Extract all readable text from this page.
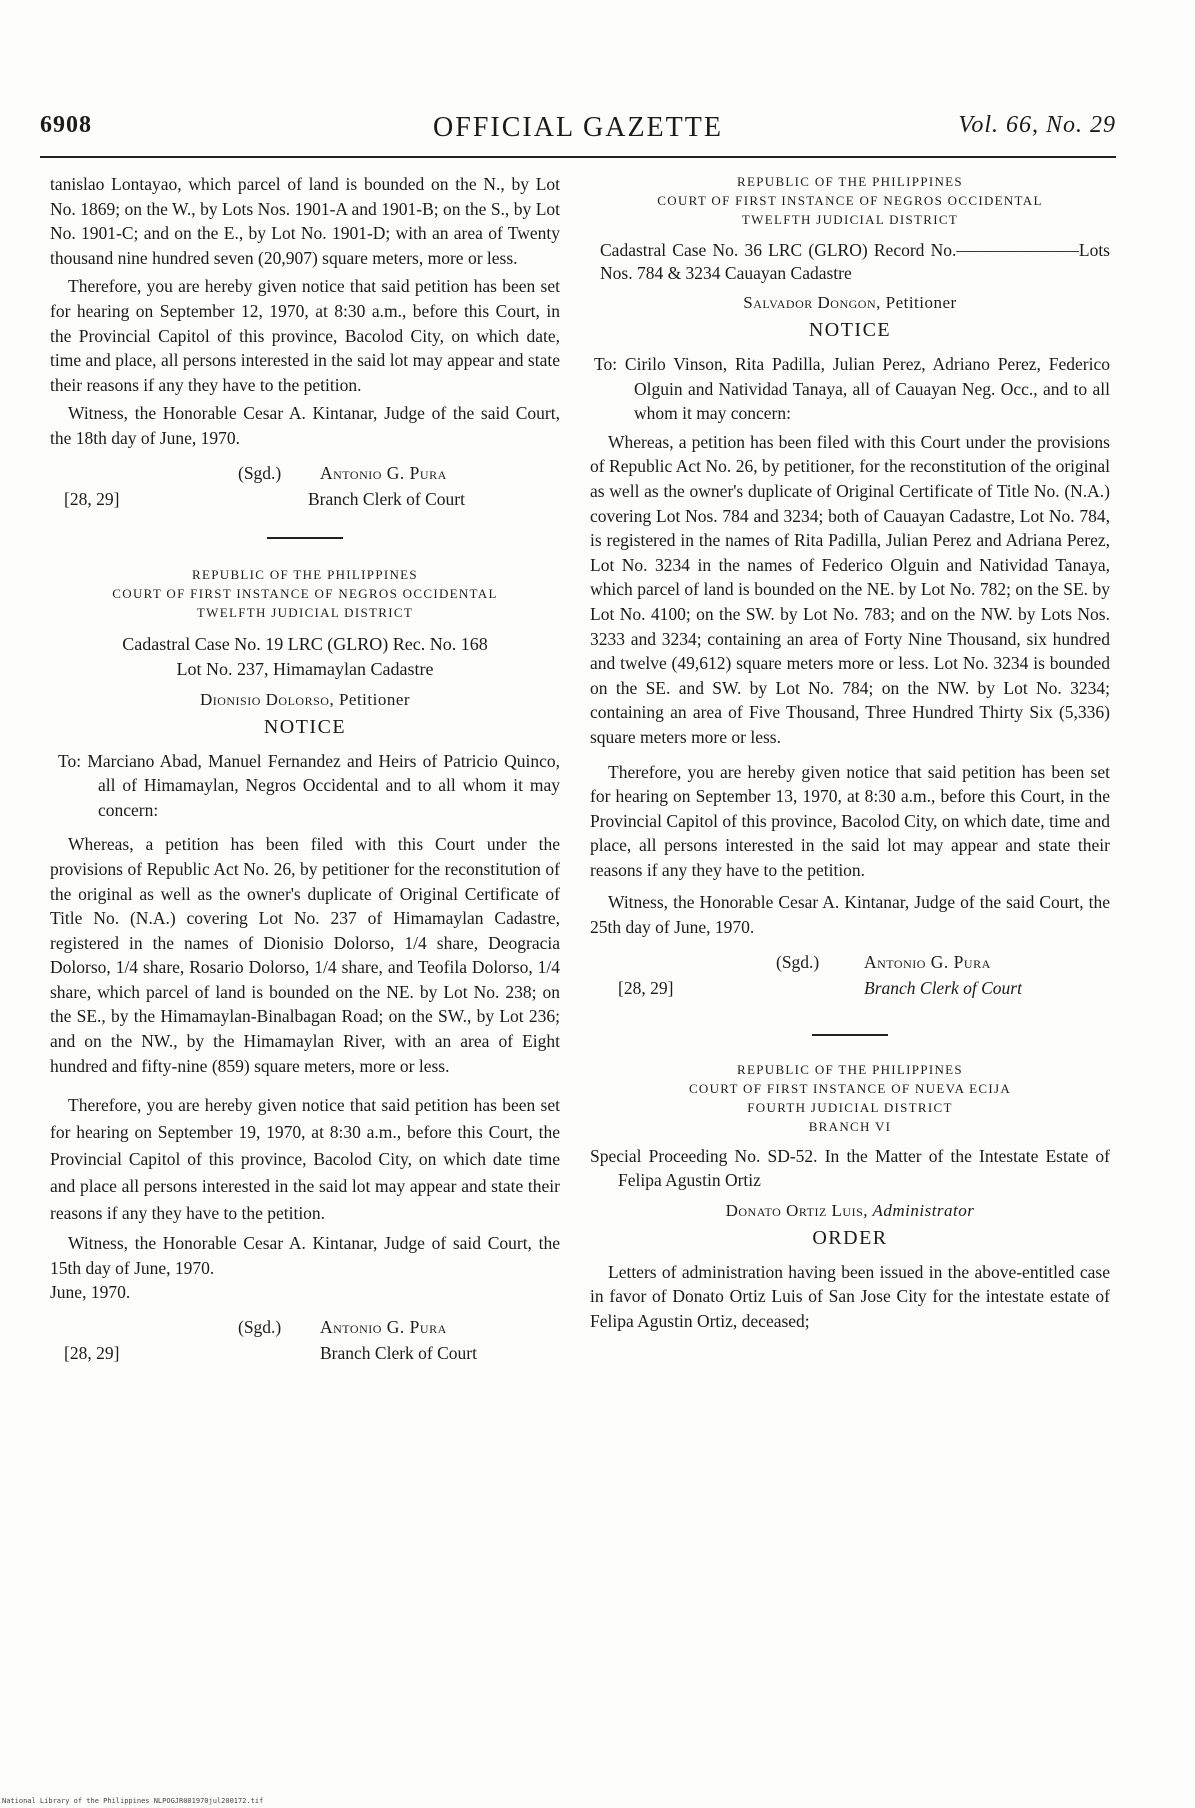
6908	OFFICIAL GAZETTE	Vol. 66, No. 29

tanislao Lontayao, which parcel of land is bounded on the N., by Lot No. 1869; on the W., by Lots Nos. 1901-A and 1901-B; on the S., by Lot No. 1901-C; and on the E., by Lot No. 1901-D; with an area of Twenty thousand nine hundred seven (20,907) square meters, more or less.

Therefore, you are hereby given notice that said petition has been set for hearing on September 12, 1970, at 8:30 a.m., before this Court, in the Provincial Capitol of this province, Bacolod City, on which date, time and place, all persons interested in the said lot may appear and state their reasons if any they have to the petition.

Witness, the Honorable Cesar A. Kintanar, Judge of the said Court, the 18th day of June, 1970.

(Sgd.) Antonio G. Pura
[28, 29]	Branch Clerk of Court

REPUBLIC OF THE PHILIPPINES

COURT OF FIRST INSTANCE OF NEGROS OCCIDENTAL

TWELFTH JUDICIAL DISTRICT

Cadastral Case No. 19 LRC (GLRO) Rec. No. 168

Lot No. 237, Himamaylan Cadastre

Dionisio Dolorso, Petitioner

NOTICE

To: Marciano Abad, Manuel Fernandez and Heirs of Patricio Quinco, all of Himamaylan, Negros Occidental and to all whom it may concern:

Whereas, a petition has been filed with this Court under the provisions of Republic Act No. 26, by petitioner for the reconstitution of the original as well as the owner's duplicate of Original Certificate of Title No. (N.A.) covering Lot No. 237 of Himamaylan Cadastre, registered in the names of Dionisio Dolorso, 1/4 share, Deogracia Dolorso, 1/4 share, Rosario Dolorso, 1/4 share, and Teofila Dolorso, 1/4 share, which parcel of land is bounded on the NE. by Lot No. 238; on the SE., by the Himamaylan-Binalbagan Road; on the SW., by Lot 236; and on the NW., by the Himamaylan River, with an area of Eight hundred and fifty-nine (859) square meters, more or less.

Therefore, you are hereby given notice that said petition has been set for hearing on September 19, 1970, at 8:30 a.m., before this Court, the Provincial Capitol of this province, Bacolod City, on which date time and place all persons interested in the said lot may appear and state their reasons if any they have to the petition.

Witness, the Honorable Cesar A. Kintanar, Judge of said Court, the 15th day of June, 1970.

June, 1970.

(Sgd.) Antonio G. Pura
[28, 29]	Branch Clerk of Court

REPUBLIC OF THE PHILIPPINES

COURT OF FIRST INSTANCE OF NEGROS OCCIDENTAL

TWELFTH JUDICIAL DISTRICT

Cadastral Case No. 36 LRC (GLRO) Record No.———————Lots Nos. 784 & 3234 Cauayan Cadastre

Salvador Dongon, Petitioner

NOTICE

To: Cirilo Vinson, Rita Padilla, Julian Perez, Adriano Perez, Federico Olguin and Natividad Tanaya, all of Cauayan Neg. Occ., and to all whom it may concern:

Whereas, a petition has been filed with this Court under the provisions of Republic Act No. 26, by petitioner, for the reconstitution of the original as well as the owner's duplicate of Original Certificate of Title No. (N.A.) covering Lot Nos. 784 and 3234; both of Cauayan Cadastre, Lot No. 784, is registered in the names of Rita Padilla, Julian Perez and Adriana Perez, Lot No. 3234 in the names of Federico Olguin and Natividad Tanaya, which parcel of land is bounded on the NE. by Lot No. 782; on the SE. by Lot No. 4100; on the SW. by Lot No. 783; and on the NW. by Lots Nos. 3233 and 3234; containing an area of Forty Nine Thousand, six hundred and twelve (49,612) square meters more or less. Lot No. 3234 is bounded on the SE. and SW. by Lot No. 784; on the NW. by Lot No. 3234; containing an area of Five Thousand, Three Hundred Thirty Six (5,336) square meters more or less.

Therefore, you are hereby given notice that said petition has been set for hearing on September 13, 1970, at 8:30 a.m., before this Court, in the Provincial Capitol of this province, Bacolod City, on which date, time and place, all persons interested in the said lot may appear and state their reasons if any they have to the petition.

Witness, the Honorable Cesar A. Kintanar, Judge of the said Court, the 25th day of June, 1970.

(Sgd.)	Antonio G. Pura
[28, 29]	Branch Clerk of Court

REPUBLIC OF THE PHILIPPINES

COURT OF FIRST INSTANCE OF NUEVA ECIJA

FOURTH JUDICIAL DISTRICT

BRANCH VI

Special Proceeding No. SD-52. In the Matter of the Intestate Estate of Felipa Agustin Ortiz

Donato Ortiz Luis, Administrator

ORDER

Letters of administration having been issued in the above-entitled case in favor of Donato Ortiz Luis of San Jose City for the intestate estate of Felipa Agustin Ortiz, deceased;

National Library of the Philippines NLPOGJR001970jul200172.tif
